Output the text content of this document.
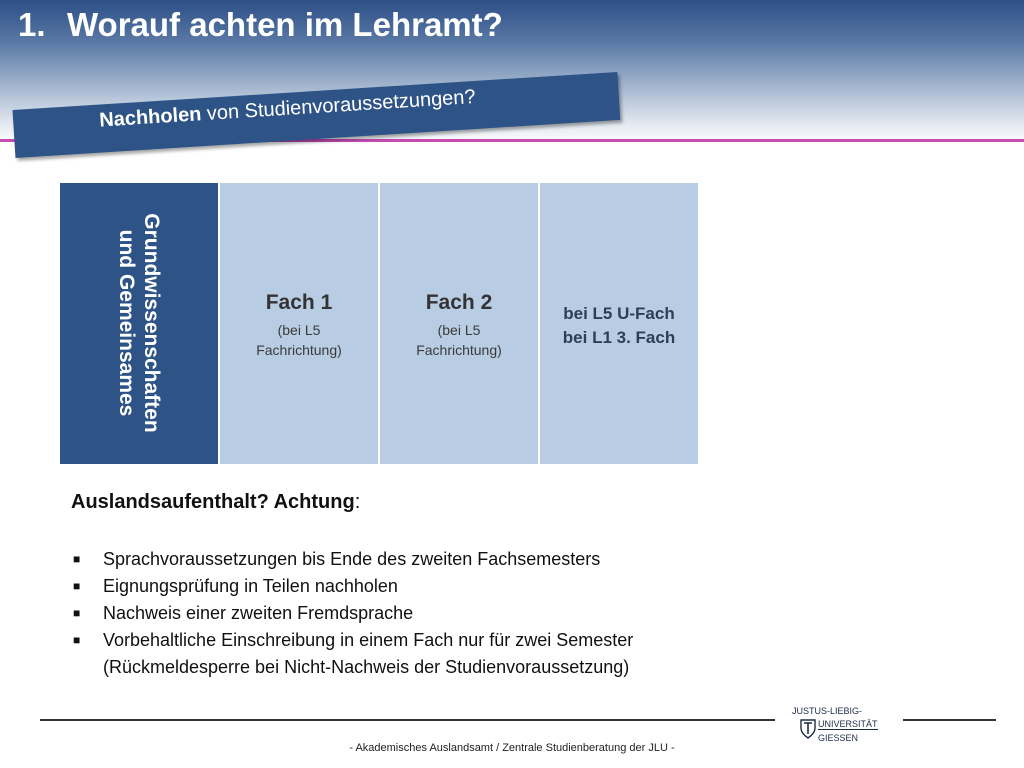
1. Worauf achten im Lehramt?
Nachholen von Studienvoraussetzungen?
Grundwissenschaften
und Gemeinsames	Fach 1
(bei L5
Fachrichtung)
Fach 2
(bei L5
Fachrichtung)
bei L5 U-Fach
bei L1 3. Fach
Auslandsaufenthalt? Achtung:
■ Sprachvoraussetzungen bis Ende des zweiten Fachsemesters
■ Eignungsprüfung in Teilen nachholen
■ Nachweis einer zweiten Fremdsprache
■ Vorbehaltliche Einschreibung in einem Fach nur für zwei Semester
(Rückmeldesperre bei Nicht-Nachweis der Studienvoraussetzung)
JUSTUS-LIEBIG-
UNIVERSITÄT
GIESSEN
- Akademisches Auslandsamt / Zentrale Studienberatung der JLU -
